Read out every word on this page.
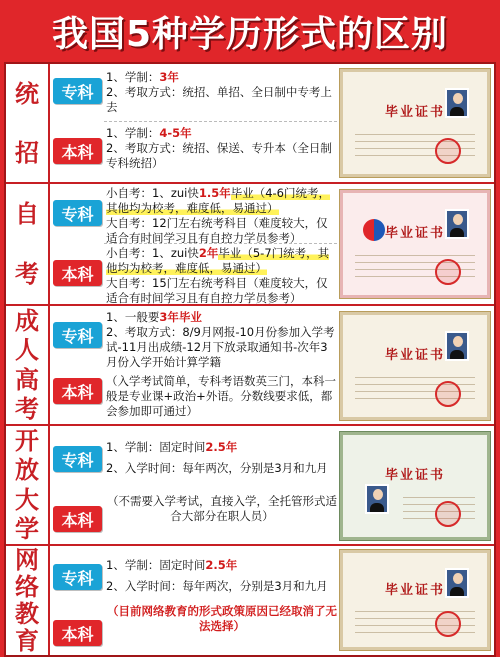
我国5种学历形式的区别
统
招
专科
1、学制：3年
2、考取方式：统招、单招、全日制中专考上去
本科
1、学制：4-5年
2、考取方式：统招、保送、专升本（全日制专科统招）
毕业证书
自
考
专科
小自考：1、zui快1.5年毕业（4-6门统考，其他均为校考，难度低，易通过）
大自考：12门左右统考科目（难度较大，仅适合有时间学习且有自控力学员参考）
本科
小自考：1、zui快2年毕业（5-7门统考，其他均为校考，难度低，易通过）
大自考：15门左右统考科目（难度较大，仅适合有时间学习且有自控力学员参考）
毕业证书
成
人
高
考
专科
本科
1、一般要3年毕业
2、考取方式：8/9月网报-10月份参加入学考试-11月出成绩-12月下放录取通知书-次年3月份入学开始计算学籍
（入学考试简单，专科考语数英三门，本科一般是专业课+政治+外语。分数线要求低，都会参加即可通过）
毕业证书
开
放
大
学
专科
本科
1、学制：固定时间2.5年
2、入学时间：每年两次，分别是3月和九月
（不需要入学考试，直接入学，全托管形式适合大部分在职人员）
毕业证书
网
络
教
育
专科
本科
1、学制：固定时间2.5年
2、入学时间：每年两次，分别是3月和九月
（目前网络教育的形式政策原因已经取消了无法选择）
毕业证书
